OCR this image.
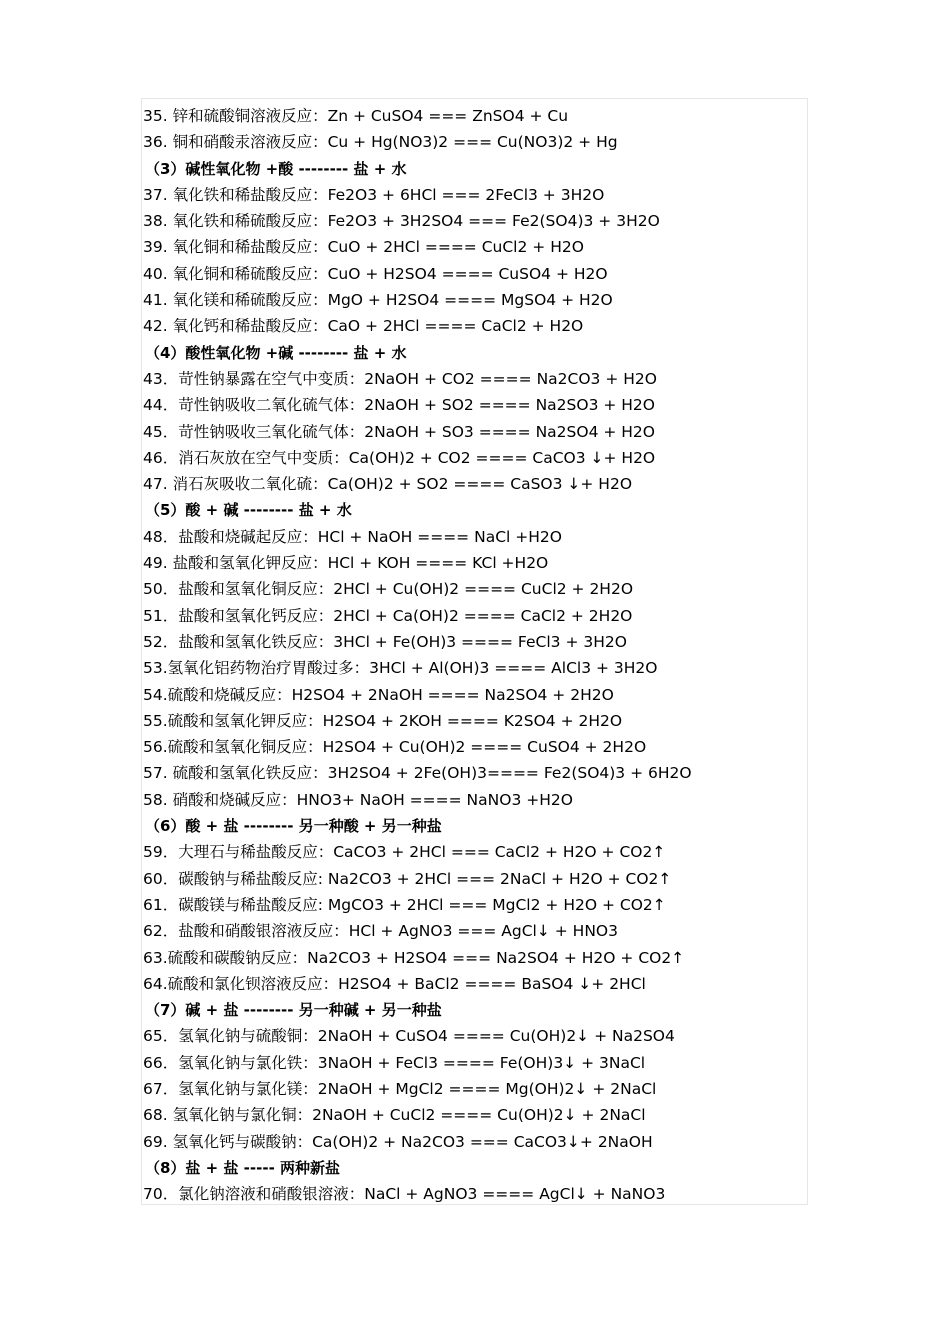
35. 锌和硫酸铜溶液反应：Zn + CuSO4 === ZnSO4 + Cu
36. 铜和硝酸汞溶液反应：Cu + Hg(NO3)2 === Cu(NO3)2 + Hg
（3）碱性氧化物 +酸 -------- 盐 + 水
37. 氧化铁和稀盐酸反应：Fe2O3 + 6HCl === 2FeCl3 + 3H2O
38. 氧化铁和稀硫酸反应：Fe2O3 + 3H2SO4 === Fe2(SO4)3 + 3H2O
39. 氧化铜和稀盐酸反应：CuO + 2HCl ==== CuCl2 + H2O
40. 氧化铜和稀硫酸反应：CuO + H2SO4 ==== CuSO4 + H2O
41. 氧化镁和稀硫酸反应：MgO + H2SO4 ==== MgSO4 + H2O
42. 氧化钙和稀盐酸反应：CaO + 2HCl ==== CaCl2 + H2O
（4）酸性氧化物 +碱 -------- 盐 + 水
43．苛性钠暴露在空气中变质：2NaOH + CO2 ==== Na2CO3 + H2O
44．苛性钠吸收二氧化硫气体：2NaOH + SO2 ==== Na2SO3 + H2O
45．苛性钠吸收三氧化硫气体：2NaOH + SO3 ==== Na2SO4 + H2O
46．消石灰放在空气中变质：Ca(OH)2 + CO2 ==== CaCO3 ↓+ H2O
47. 消石灰吸收二氧化硫：Ca(OH)2 + SO2 ==== CaSO3 ↓+ H2O
（5）酸 + 碱 -------- 盐 + 水
48．盐酸和烧碱起反应：HCl + NaOH ==== NaCl +H2O
49. 盐酸和氢氧化钾反应：HCl + KOH ==== KCl +H2O
50．盐酸和氢氧化铜反应：2HCl + Cu(OH)2 ==== CuCl2 + 2H2O
51．盐酸和氢氧化钙反应：2HCl + Ca(OH)2 ==== CaCl2 + 2H2O
52．盐酸和氢氧化铁反应：3HCl + Fe(OH)3 ==== FeCl3 + 3H2O
53.氢氧化铝药物治疗胃酸过多：3HCl + Al(OH)3 ==== AlCl3 + 3H2O
54.硫酸和烧碱反应：H2SO4 + 2NaOH ==== Na2SO4 + 2H2O
55.硫酸和氢氧化钾反应：H2SO4 + 2KOH ==== K2SO4 + 2H2O
56.硫酸和氢氧化铜反应：H2SO4 + Cu(OH)2 ==== CuSO4 + 2H2O
57. 硫酸和氢氧化铁反应：3H2SO4 + 2Fe(OH)3==== Fe2(SO4)3 + 6H2O
58. 硝酸和烧碱反应：HNO3+ NaOH ==== NaNO3 +H2O
（6）酸 + 盐 -------- 另一种酸 + 另一种盐
59．大理石与稀盐酸反应：CaCO3 + 2HCl === CaCl2 + H2O + CO2↑
60．碳酸钠与稀盐酸反应: Na2CO3 + 2HCl === 2NaCl + H2O + CO2↑
61．碳酸镁与稀盐酸反应: MgCO3 + 2HCl === MgCl2 + H2O + CO2↑
62．盐酸和硝酸银溶液反应：HCl + AgNO3 === AgCl↓ + HNO3
63.硫酸和碳酸钠反应：Na2CO3 + H2SO4 === Na2SO4 + H2O + CO2↑
64.硫酸和氯化钡溶液反应：H2SO4 + BaCl2 ==== BaSO4 ↓+ 2HCl
（7）碱 + 盐 -------- 另一种碱 + 另一种盐
65．氢氧化钠与硫酸铜：2NaOH + CuSO4 ==== Cu(OH)2↓ + Na2SO4
66．氢氧化钠与氯化铁：3NaOH + FeCl3 ==== Fe(OH)3↓ + 3NaCl
67．氢氧化钠与氯化镁：2NaOH + MgCl2 ==== Mg(OH)2↓ + 2NaCl
68. 氢氧化钠与氯化铜：2NaOH + CuCl2 ==== Cu(OH)2↓ + 2NaCl
69. 氢氧化钙与碳酸钠：Ca(OH)2 + Na2CO3 === CaCO3↓+ 2NaOH
（8）盐 + 盐 ----- 两种新盐
70．氯化钠溶液和硝酸银溶液：NaCl + AgNO3 ==== AgCl↓ + NaNO3
